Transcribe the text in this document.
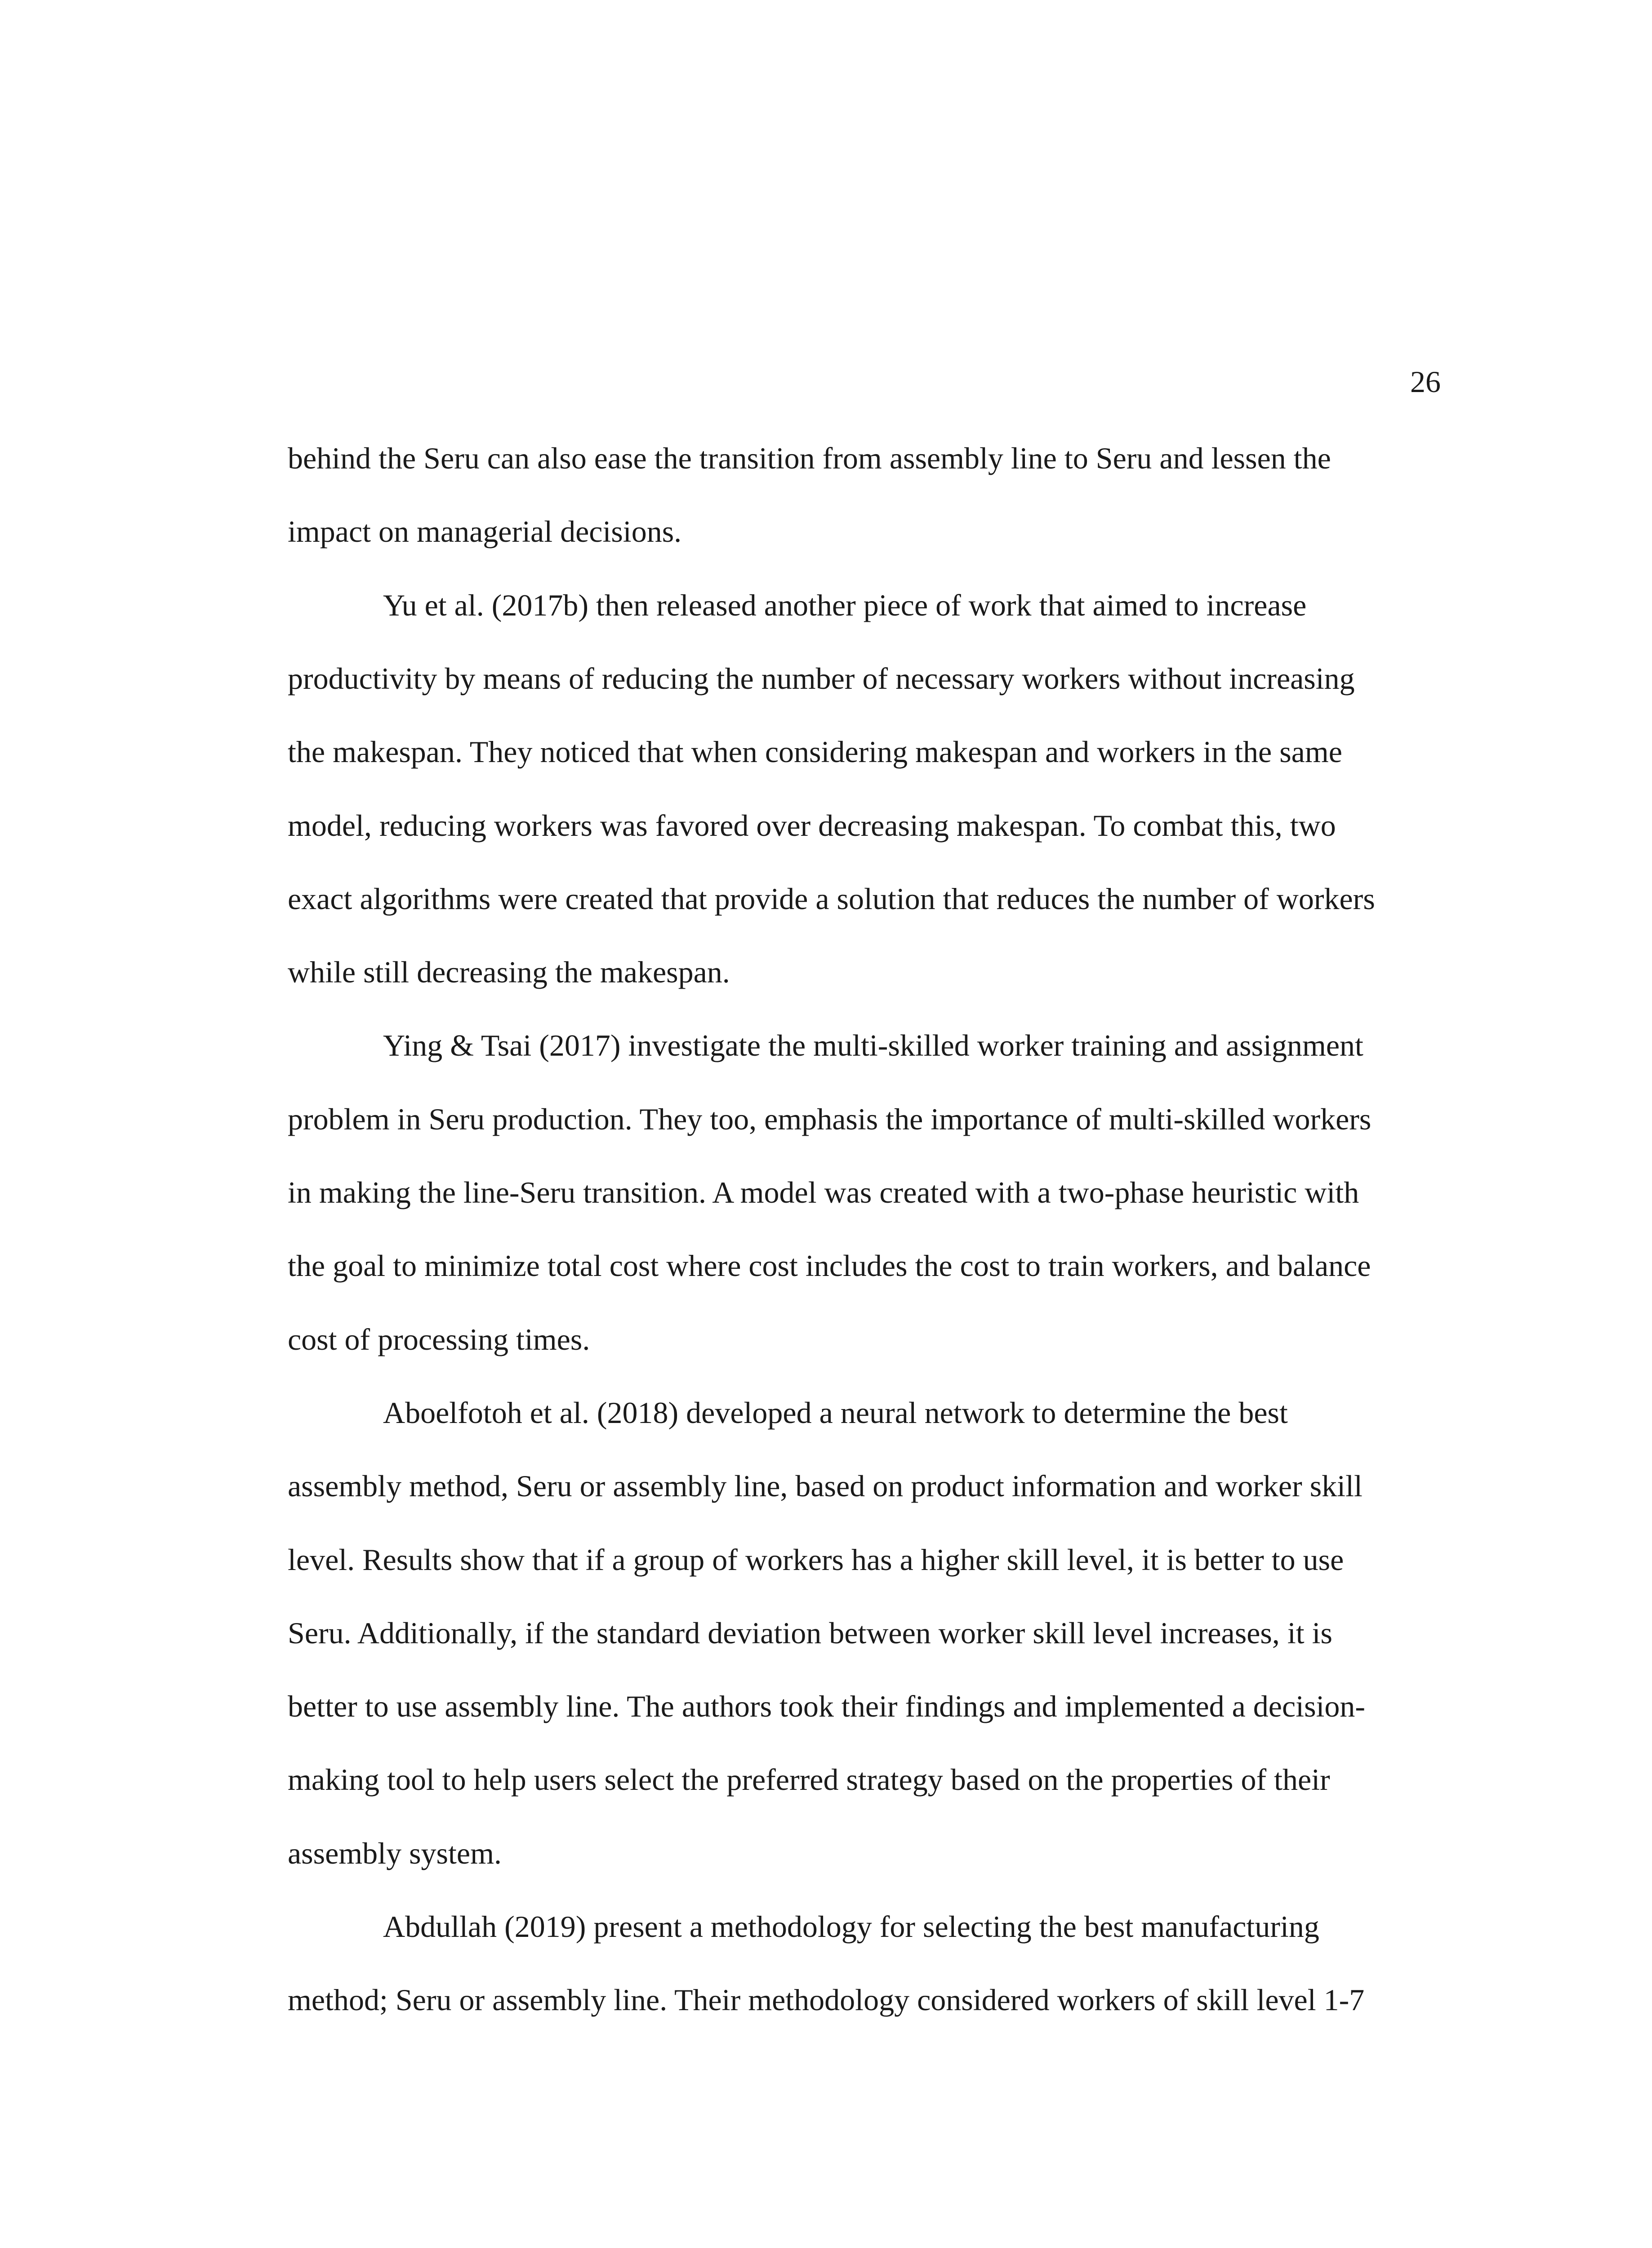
26
behind the Seru can also ease the transition from assembly line to Seru and lessen the
impact on managerial decisions.
Yu et al. (2017b) then released another piece of work that aimed to increase
productivity by means of reducing the number of necessary workers without increasing
the makespan. They noticed that when considering makespan and workers in the same
model, reducing workers was favored over decreasing makespan. To combat this, two
exact algorithms were created that provide a solution that reduces the number of workers
while still decreasing the makespan.
Ying & Tsai (2017) investigate the multi-skilled worker training and assignment
problem in Seru production. They too, emphasis the importance of multi-skilled workers
in making the line-Seru transition. A model was created with a two-phase heuristic with
the goal to minimize total cost where cost includes the cost to train workers, and balance
cost of processing times.
Aboelfotoh et al. (2018) developed a neural network to determine the best
assembly method, Seru or assembly line, based on product information and worker skill
level. Results show that if a group of workers has a higher skill level, it is better to use
Seru. Additionally, if the standard deviation between worker skill level increases, it is
better to use assembly line. The authors took their findings and implemented a decision-
making tool to help users select the preferred strategy based on the properties of their
assembly system.
Abdullah (2019) present a methodology for selecting the best manufacturing
method; Seru or assembly line. Their methodology considered workers of skill level 1-7
